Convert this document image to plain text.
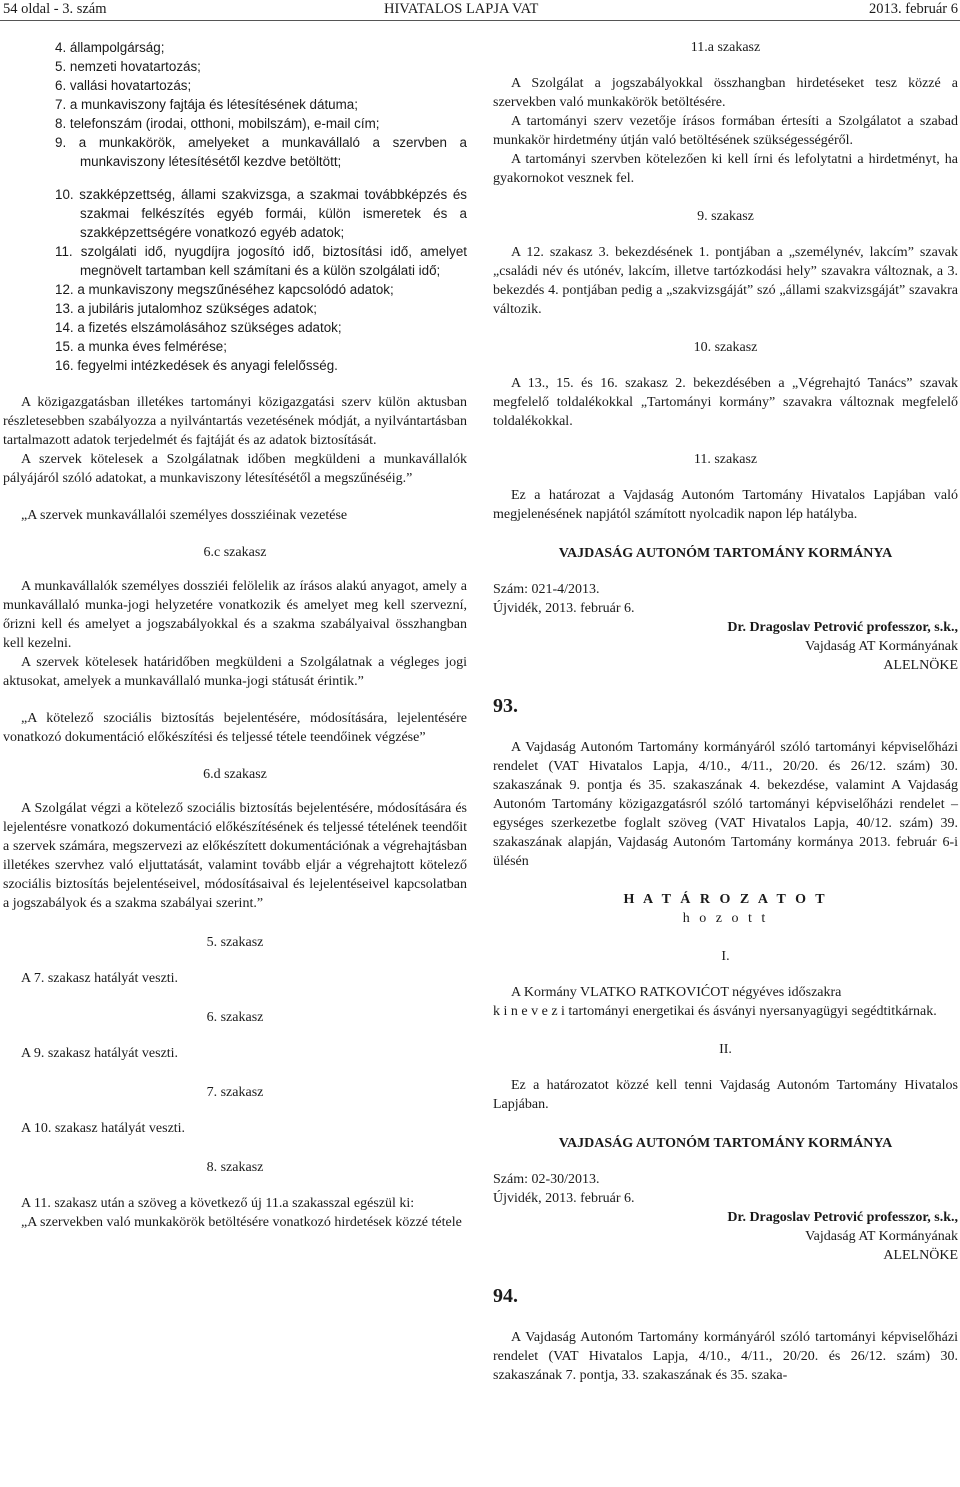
54 oldal - 3. szám	HIVATALOS LAPJA VAT	2013. február 6

4. állampolgárság;

5. nemzeti hovatartozás;

6. vallási hovatartozás;

7. a munkaviszony fajtája és létesítésének dátuma;

8. telefonszám (irodai, otthoni, mobilszám), e-mail cím;

9. a munkakörök, amelyeket a munkavállaló a szervben a munkaviszony létesítésétől kezdve betöltött;

10. szakképzettség, állami szakvizsga, a szakmai továbbképzés és szakmai felkészítés egyéb formái, külön ismeretek és a szakképzettségére vonatkozó egyéb adatok;

11. szolgálati idő, nyugdíjra jogosító idő, biztosítási idő, amelyet megnövelt tartamban kell számítani és a külön szolgálati idő;

12. a munkaviszony megszűnéséhez kapcsolódó adatok;

13. a jubiláris jutalomhoz szükséges adatok;

14. a fizetés elszámolásához szükséges adatok;

15. a munka éves felmérése;

16. fegyelmi intézkedések és anyagi felelősség.

A közigazgatásban illetékes tartományi közigazgatási szerv külön aktusban részletesebben szabályozza a nyilvántartás vezetésének módját, a nyilvántartásban tartalmazott adatok terjedelmét és fajtáját és az adatok biztosítását.

A szervek kötelesek a Szolgálatnak időben megküldeni a munkavállalók pályájáról szóló adatokat, a munkaviszony létesítésétől a megszűnéséig.”

„A szervek munkavállalói személyes dossziéinak vezetése

6.c szakasz

A munkavállalók személyes dossziéi felölelik az írásos alakú anyagot, amely a munkavállaló munka-jogi helyzetére vonatkozik és amelyet meg kell szervezní, őrizni kell és amelyet a jogszabályokkal és a szakma szabályaival összhangban kell kezelni.

A szervek kötelesek határidőben megküldeni a Szolgálatnak a végleges jogi aktusokat, amelyek a munkavállaló munka-jogi státusát érintik.”

„A kötelező szociális biztosítás bejelentésére, módosítására, lejelentésére vonatkozó dokumentáció előkészítési és teljessé tétele teendőinek végzése”

6.d szakasz

A Szolgálat végzi a kötelező szociális biztosítás bejelentésére, módosítására és lejelentésre vonatkozó dokumentáció előkészítésének és teljessé tételének teendőit a szervek számára, megszervezi az előkészített dokumentációnak a végrehajtásban illetékes szervhez való eljuttatását, valamint tovább eljár a végrehajtott kötelező szociális biztosítás bejelentéseivel, módosításaival és lejelentéseivel kapcsolatban a jogszabályok és a szakma szabályai szerint.”

5. szakasz

A 7. szakasz hatályát veszti.

6. szakasz

A 9. szakasz hatályát veszti.

7. szakasz

A 10. szakasz hatályát veszti.

8. szakasz

A 11. szakasz után a szöveg a következő új 11.a szakasszal egészül ki:

„A szervekben való munkakörök betöltésére vonatkozó hirdetések közzé tétele

11.a szakasz

A Szolgálat a jogszabályokkal összhangban hirdetéseket tesz közzé a szervekben való munkakörök betöltésére.

A tartományi szerv vezetője írásos formában értesíti a Szolgálatot a szabad munkakör hirdetmény útján való betöltésének szükségességéről.

A tartományi szervben kötelezően ki kell írni és lefolytatni a hirdetményt, ha gyakornokot vesznek fel.

9. szakasz

A 12. szakasz 3. bekezdésének 1. pontjában a „személynév, lakcím” szavak „családi név és utónév, lakcím, illetve tartózkodási hely” szavakra változnak, a 3. bekezdés 4. pontjában pedig a „szakvizsgáját” szó „állami szakvizsgáját” szavakra változik.

10. szakasz

A 13., 15. és 16. szakasz 2. bekezdésében a „Végrehajtó Tanács” szavak megfelelő toldalékokkal „Tartományi kormány” szavakra változnak megfelelő toldalékokkal.

11. szakasz

Ez a határozat a Vajdaság Autonóm Tartomány Hivatalos Lapjában való megjelenésének napjától számított nyolcadik napon lép hatályba.

VAJDASÁG AUTONÓM TARTOMÁNY KORMÁNYA

Szám: 021-4/2013.

Újvidék, 2013. február 6.

Dr. Dragoslav Petrović professzor, s.k.,

Vajdaság AT Kormányának

ALELNÖKE

93.

A Vajdaság Autonóm Tartomány kormányáról szóló tartományi képviselőházi rendelet (VAT Hivatalos Lapja, 4/10., 4/11., 20/20. és 26/12. szám) 30. szakaszának 9. pontja és 35. szakaszának 4. bekezdése, valamint A Vajdaság Autonóm Tartomány közigazgatásról szóló tartományi képviselőházi rendelet – egységes szerkezetbe foglalt szöveg (VAT Hivatalos Lapja, 40/12. szám) 39. szakaszának alapján, Vajdaság Autonóm Tartomány kormánya 2013. február 6-i ülésén

H A T Á R O Z A T O T

h o z o t t

I.

A Kormány VLATKO RATKOVIĆOT négyéves időszakra

k i n e v e z i tartományi energetikai és ásványi nyersanyagügyi segédtitkárnak.

II.

Ez a határozatot közzé kell tenni Vajdaság Autonóm Tartomány Hivatalos Lapjában.

VAJDASÁG AUTONÓM TARTOMÁNY KORMÁNYA

Szám: 02-30/2013.

Újvidék, 2013. február 6.

Dr. Dragoslav Petrović professzor, s.k.,

Vajdaság AT Kormányának

ALELNÖKE

94.

A Vajdaság Autonóm Tartomány kormányáról szóló tartományi képviselőházi rendelet (VAT Hivatalos Lapja, 4/10., 4/11., 20/20. és 26/12. szám) 30. szakaszának 7. pontja, 33. szakaszának és 35. szaka-
